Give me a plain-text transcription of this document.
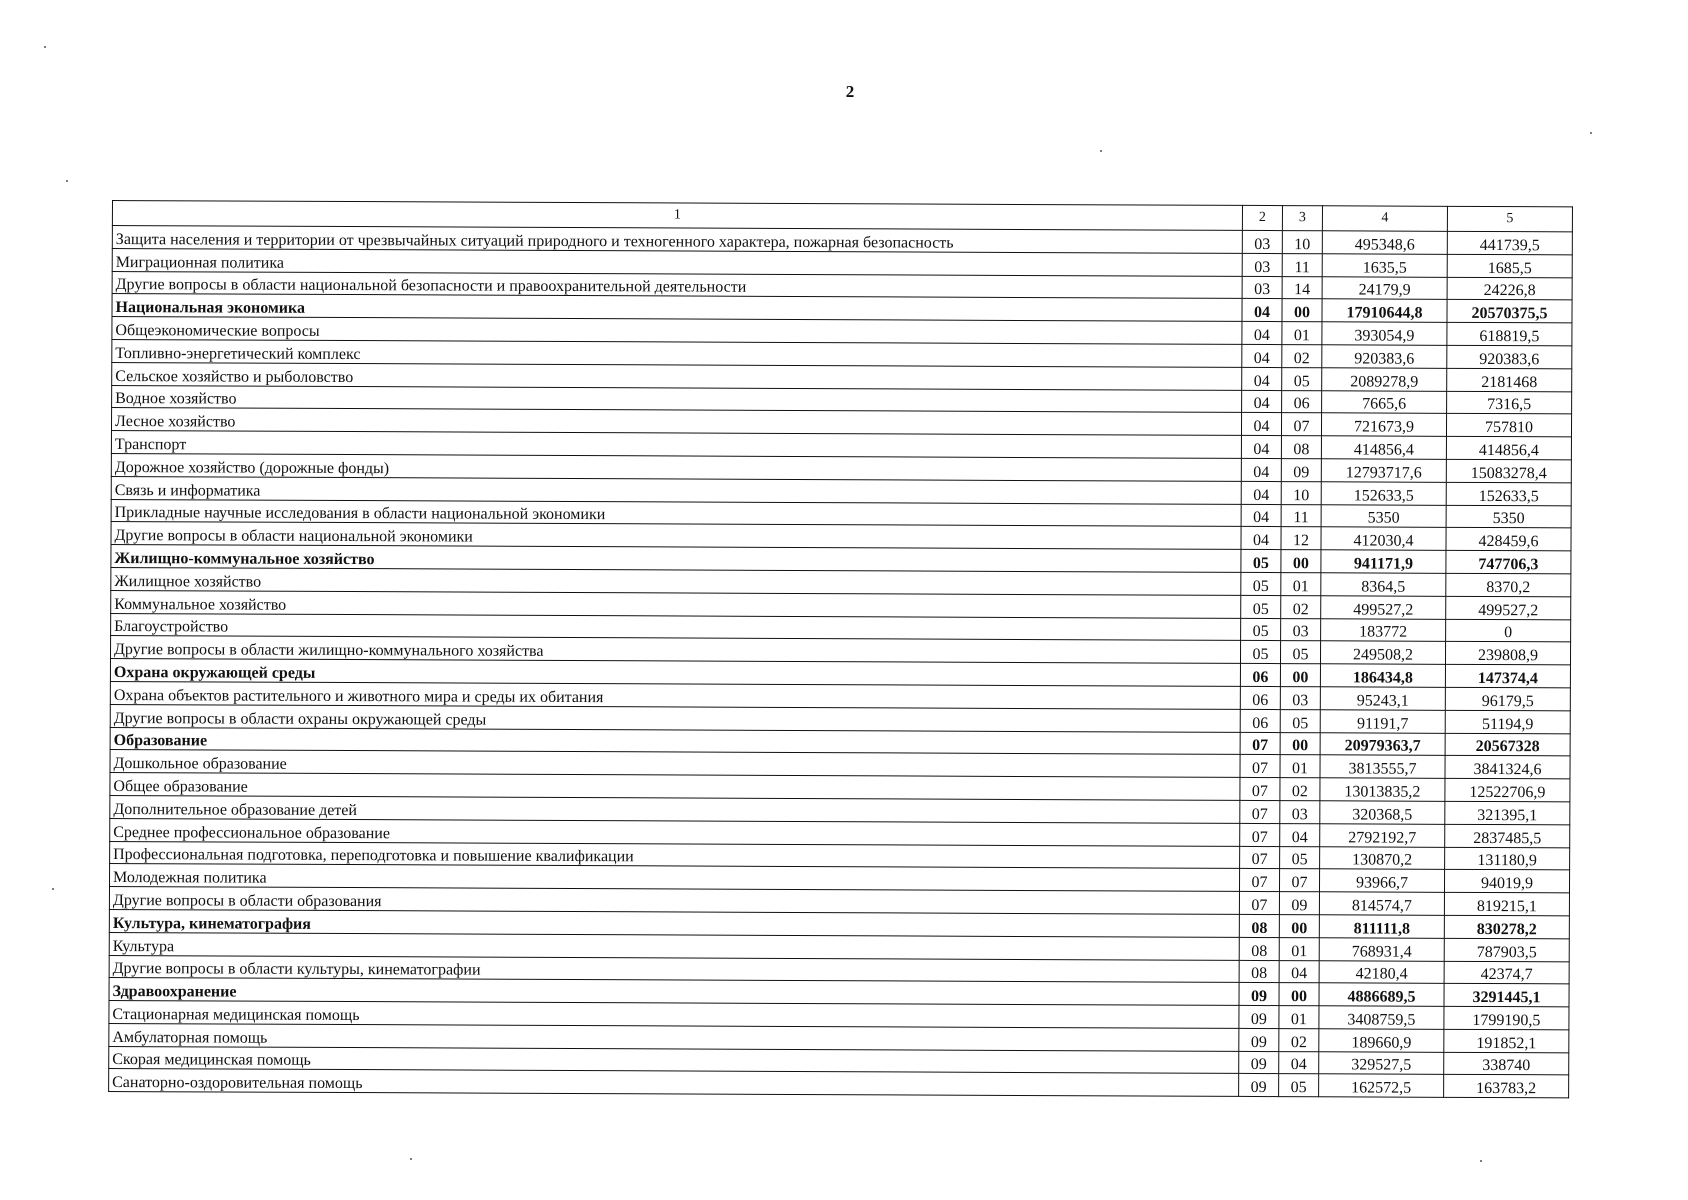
2
1	2	3	4	5
Защита населения и территории от чрезвычайных ситуаций природного и техногенного характера, пожарная безопасность	03	10	495348,6	441739,5
Миграционная политика	03	11	1635,5	1685,5
Другие вопросы в области национальной безопасности и правоохранительной деятельности	03	14	24179,9	24226,8
Национальная экономика	04	00	17910644,8	20570375,5
Общеэкономические вопросы	04	01	393054,9	618819,5
Топливно-энергетический комплекс	04	02	920383,6	920383,6
Сельское хозяйство и рыболовство	04	05	2089278,9	2181468
Водное хозяйство	04	06	7665,6	7316,5
Лесное хозяйство	04	07	721673,9	757810
Транспорт	04	08	414856,4	414856,4
Дорожное хозяйство (дорожные фонды)	04	09	12793717,6	15083278,4
Связь и информатика	04	10	152633,5	152633,5
Прикладные научные исследования в области национальной экономики	04	11	5350	5350
Другие вопросы в области национальной экономики	04	12	412030,4	428459,6
Жилищно-коммунальное хозяйство	05	00	941171,9	747706,3
Жилищное хозяйство	05	01	8364,5	8370,2
Коммунальное хозяйство	05	02	499527,2	499527,2
Благоустройство	05	03	183772	0
Другие вопросы в области жилищно-коммунального хозяйства	05	05	249508,2	239808,9
Охрана окружающей среды	06	00	186434,8	147374,4
Охрана объектов растительного и животного мира и среды их обитания	06	03	95243,1	96179,5
Другие вопросы в области охраны окружающей среды	06	05	91191,7	51194,9
Образование	07	00	20979363,7	20567328
Дошкольное образование	07	01	3813555,7	3841324,6
Общее образование	07	02	13013835,2	12522706,9
Дополнительное образование детей	07	03	320368,5	321395,1
Среднее профессиональное образование	07	04	2792192,7	2837485,5
Профессиональная подготовка, переподготовка и повышение квалификации	07	05	130870,2	131180,9
Молодежная политика	07	07	93966,7	94019,9
Другие вопросы в области образования	07	09	814574,7	819215,1
Культура, кинематография	08	00	811111,8	830278,2
Культура	08	01	768931,4	787903,5
Другие вопросы в области культуры, кинематографии	08	04	42180,4	42374,7
Здравоохранение	09	00	4886689,5	3291445,1
Стационарная медицинская помощь	09	01	3408759,5	1799190,5
Амбулаторная помощь	09	02	189660,9	191852,1
Скорая медицинская помощь	09	04	329527,5	338740
Санаторно-оздоровительная помощь	09	05	162572,5	163783,2
